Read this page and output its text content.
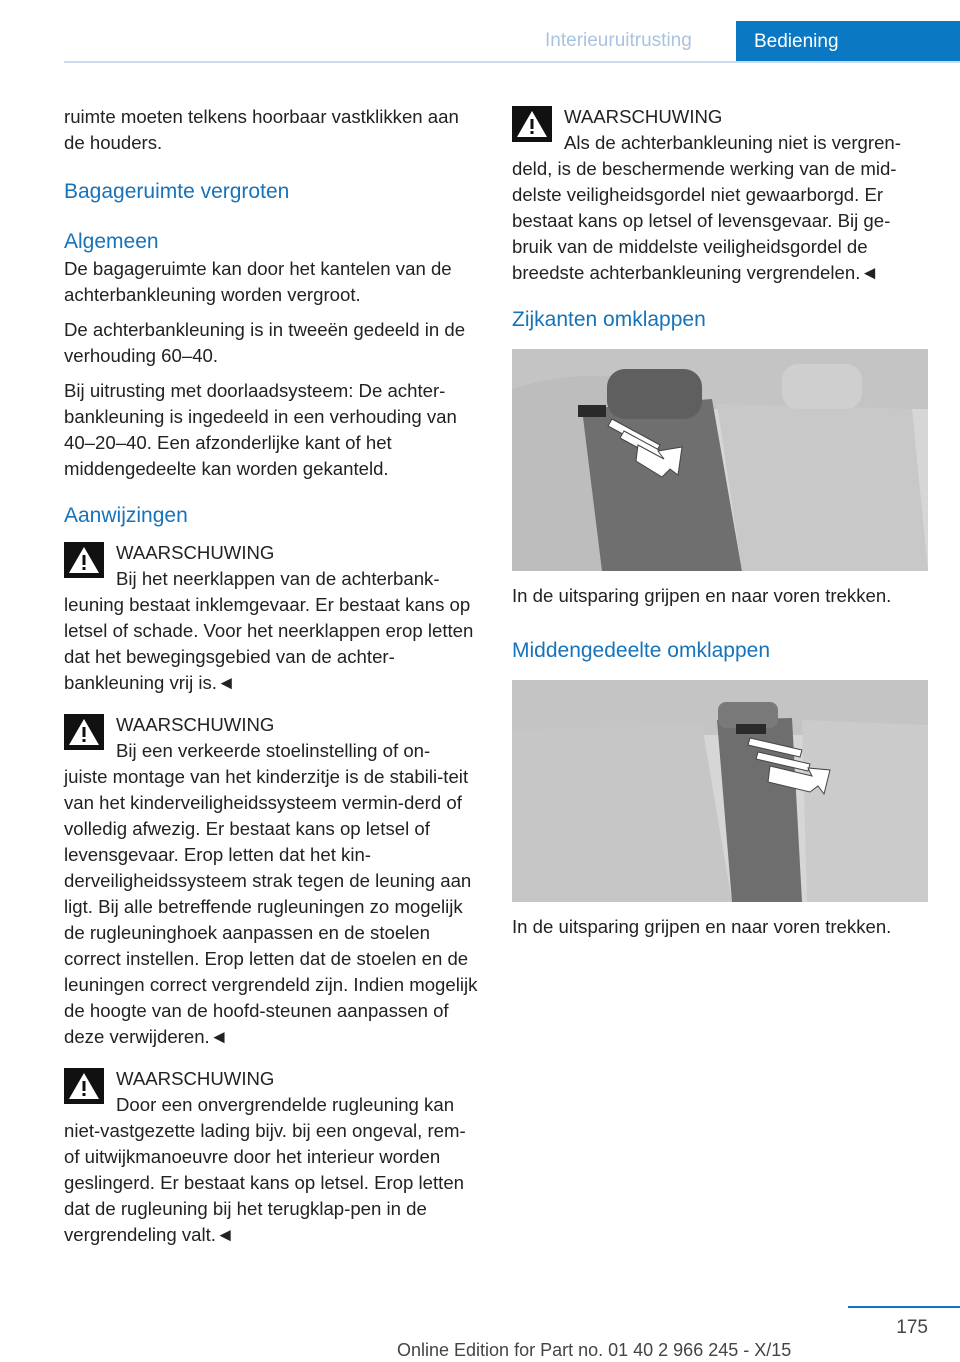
Interieuruitrusting	Bediening

ruimte moeten telkens hoorbaar vastklikken aan de houders.

Bagageruimte vergroten
Algemeen

De bagageruimte kan door het kantelen van de achterbankleuning worden vergroot.

De achterbankleuning is in tweeën gedeeld in de verhouding 60–40.

Bij uitrusting met doorlaadsysteem: De achter‐bankleuning is ingedeeld in een verhouding van 40–20–40. Een afzonderlijke kant of het middengedeelte kan worden gekanteld.

Aanwijzingen
WAARSCHUWING
Bij het neerklappen van de achterbank‐

leuning bestaat inklemgevaar. Er bestaat kans op letsel of schade. Voor het neerklappen erop letten dat het bewegingsgebied van de achter‐bankleuning vrij is.◄

WAARSCHUWING
Bij een verkeerde stoelinstelling of on‐

juiste montage van het kinderzitje is de stabili‐teit van het kinderveiligheidssysteem vermin‐derd of volledig afwezig. Er bestaat kans op letsel of levensgevaar. Erop letten dat het kin‐derveiligheidssysteem strak tegen de leuning aan ligt. Bij alle betreffende rugleuningen zo mogelijk de rugleuninghoek aanpassen en de stoelen correct instellen. Erop letten dat de stoelen en de leuningen correct vergrendeld zijn. Indien mogelijk de hoogte van de hoofd‐steunen aanpassen of deze verwijderen.◄

WAARSCHUWING
Door een onvergrendelde rugleuning kan

niet-vastgezette lading bijv. bij een ongeval, rem- of uitwijkmanoeuvre door het interieur worden geslingerd. Er bestaat kans op letsel. Erop letten dat de rugleuning bij het terugklap‐pen in de vergrendeling valt.◄

WAARSCHUWING
Als de achterbankleuning niet is vergren‐

deld, is de beschermende werking van de mid‐delste veiligheidsgordel niet gewaarborgd. Er bestaat kans op letsel of levensgevaar. Bij ge‐bruik van de middelste veiligheidsgordel de breedste achterbankleuning vergrendelen.◄

Zijkanten omklappen

In de uitsparing grijpen en naar voren trekken.

Middengedeelte omklappen

In de uitsparing grijpen en naar voren trekken.

175
Online Edition for Part no. 01 40 2 966 245 - X/15
